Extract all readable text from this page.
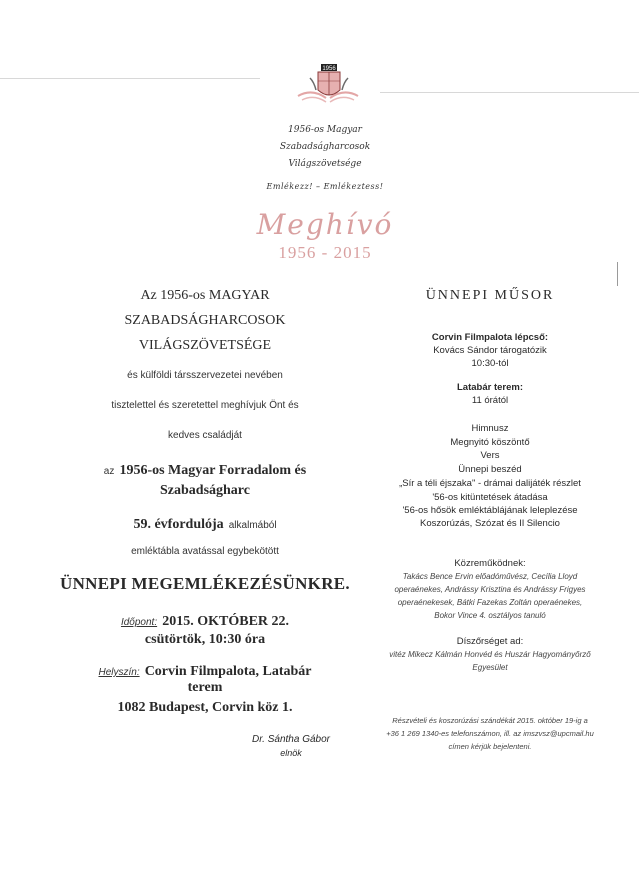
1956
1956-os Magyar
Szabadságharcosok
Világszövetsége
Emlékezz! – Emlékeztess!
Meghívó
1956 - 2015
Az 1956-os MAGYAR
SZABADSÁGHARCOSOK
VILÁGSZÖVETSÉGE
és külföldi társszervezetei nevében
tisztelettel és szeretettel meghívjuk Önt és
kedves családját
az 1956-os Magyar Forradalom és
Szabadságharc
59. évfordulója alkalmából
emléktábla avatással egybekötött
ÜNNEPI MEGEMLÉKEZÉSÜNKRE.
Időpont: 2015. OKTÓBER 22.
csütörtök, 10:30 óra
Helyszín: Corvin Filmpalota, Latabár
terem
1082 Budapest, Corvin köz 1.
Dr. Sántha Gábor
elnök
ÜNNEPI MŰSOR
Corvin Filmpalota lépcső:
Kovács Sándor tárogatózik
10:30-tól
Latabár terem:
11 órától
Himnusz
Megnyitó köszöntő
Vers
Ünnepi beszéd
„Sír a téli éjszaka" - drámai dalijáték részlet
'56-os kitüntetések átadása
'56-os hősök emléktáblájának leleplezése
Koszorúzás, Szózat és Il Silencio
Közreműködnek:
Takács Bence Ervin előadóművész, Cecília Lloyd
operaénekes, Andrássy Krisztina és Andrássy Frigyes
operaénekesek, Bátki Fazekas Zoltán operaénekes,
Bokor Vince 4. osztályos tanuló
Díszőrséget ad:
vitéz Mikecz Kálmán Honvéd és Huszár Hagyományőrző
Egyesület
Részvételi és koszorúzási szándékát 2015. október 19-ig a
+36 1 269 1340-es telefonszámon, ill. az imszvsz@upcmail.hu
címen kérjük bejelenteni.
